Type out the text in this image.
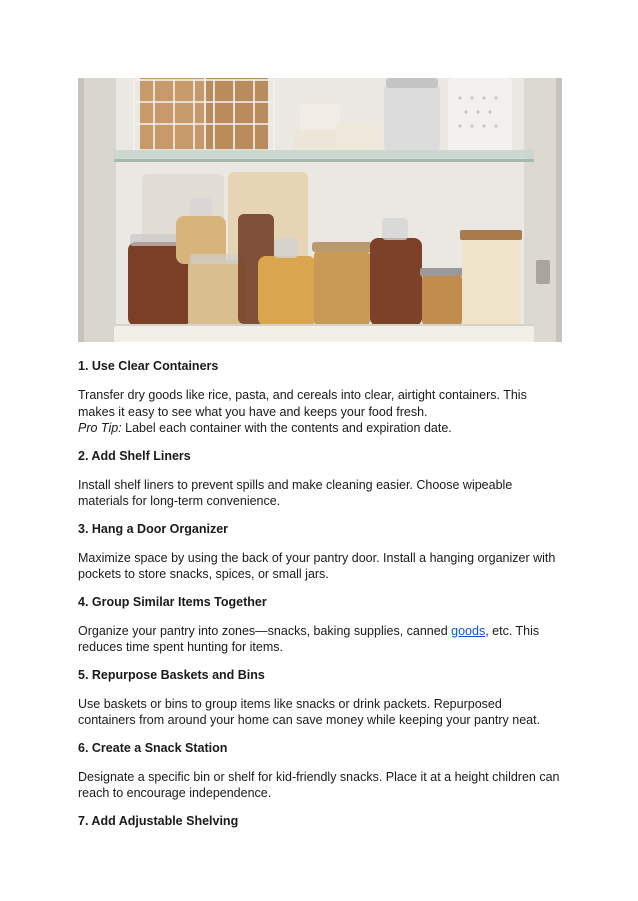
1. Use Clear Containers

Transfer dry goods like rice, pasta, and cereals into clear, airtight containers. This makes it easy to see what you have and keeps your food fresh.
Pro Tip: Label each container with the contents and expiration date.

2. Add Shelf Liners

Install shelf liners to prevent spills and make cleaning easier. Choose wipeable materials for long-term convenience.

3. Hang a Door Organizer

Maximize space by using the back of your pantry door. Install a hanging organizer with pockets to store snacks, spices, or small jars.

4. Group Similar Items Together

Organize your pantry into zones—snacks, baking supplies, canned goods, etc. This reduces time spent hunting for items.

5. Repurpose Baskets and Bins

Use baskets or bins to group items like snacks or drink packets. Repurposed containers from around your home can save money while keeping your pantry neat.

6. Create a Snack Station

Designate a specific bin or shelf for kid-friendly snacks. Place it at a height children can reach to encourage independence.

7. Add Adjustable Shelving
